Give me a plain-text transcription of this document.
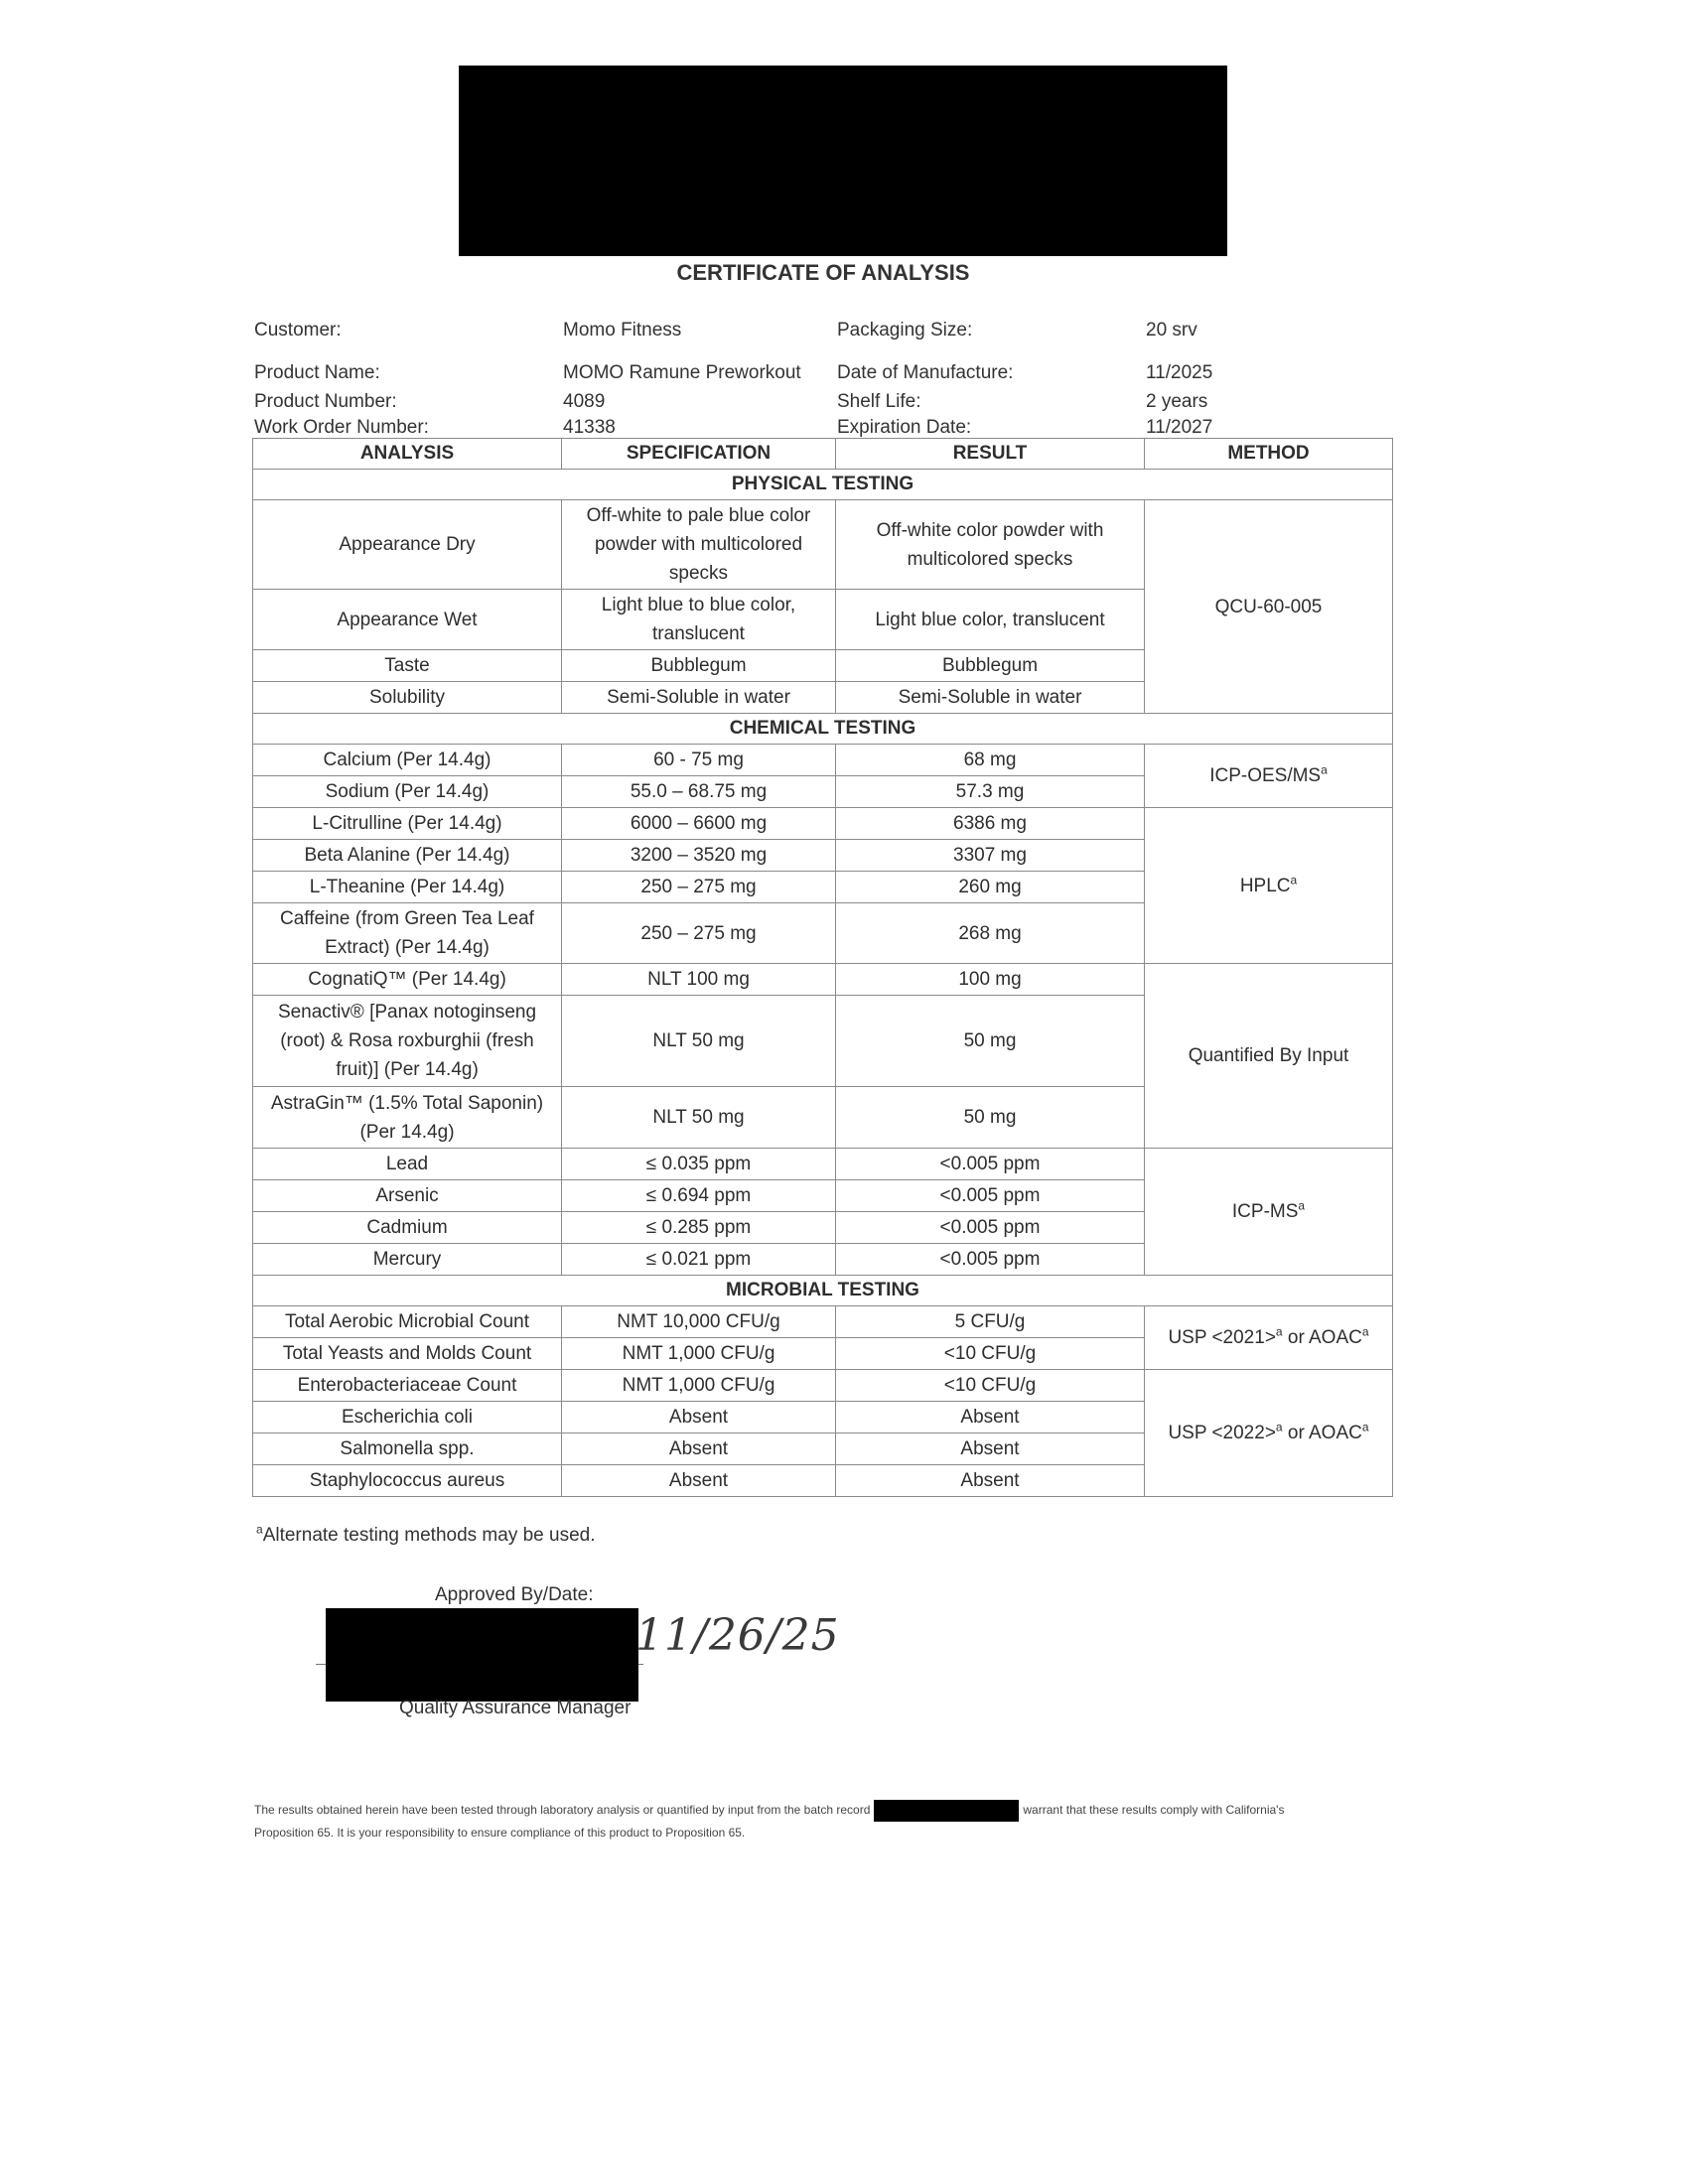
CERTIFICATE OF ANALYSIS
Customer:	Momo Fitness	Packaging Size:	20 srv
Product Name:	MOMO Ramune Preworkout	Date of Manufacture:	11/2025
Product Number:	4089	Shelf Life:	2 years
Work Order Number:	41338	Expiration Date:	11/2027
ANALYSIS	SPECIFICATION	RESULT	METHOD
PHYSICAL TESTING			
Appearance Dry	Off-white to pale blue color powder with multicolored specks	Off-white color powder with multicolored specks	QCU-60-005
Appearance Wet	Light blue to blue color, translucent	Light blue color, translucent	
Taste	Bubblegum	Bubblegum	
Solubility	Semi-Soluble in water	Semi-Soluble in water	
CHEMICAL TESTING			
Calcium (Per 14.4g)	60 - 75 mg	68 mg	ICP-$OES/MS^a$
Sodium (Per 14.4g)	55.0 – 68.75 mg	57.3 mg	
L-Citrulline (Per 14.4g)	6000 – 6600 mg	6386 mg	HPLC$^a$
Beta Alanine (Per 14.4g)	3200 – 3520 mg	3307 mg	
L-Theanine (Per 14.4g)	250 – 275 mg	260 mg	
Caffeine (from Green Tea Leaf Extract) (Per 14.4g)	250 – 275 mg	268 mg	
CognatiQ™ (Per 14.4g)	NLT 100 mg	100 mg	Quantified By Input
Senactiv® [Panax notoginseng (root) & Rosa roxburghii (fresh fruit)] (Per 14.4g)	NLT 50 mg	50 mg	
AstraGin™ (1.5% Total Saponin) (Per 14.4g)	NLT 50 mg	50 mg	
Lead	≤ 0.035 ppm	<0.005 ppm	ICP-$MS^a$
Arsenic	≤ 0.694 ppm	<0.005 ppm	
Cadmium	≤ 0.285 ppm	<0.005 ppm	
Mercury	≤ 0.021 ppm	<0.005 ppm	
MICROBIAL TESTING			
Total Aerobic Microbial Count	NMT 10,000 CFU/g	5 CFU/g	USP <2021>$^a$ or AOAC$^a$
Total Yeasts and Molds Count	NMT 1,000 CFU/g	<10 CFU/g	
Enterobacteriaceae Count	NMT 1,000 CFU/g	<10 CFU/g	USP <2022>$^a$ or AOAC$^a$
Escherichia coli	Absent	Absent	
Salmonella spp.	Absent	Absent	
Staphylococcus aureus	Absent	Absent	
$^a$Alternate testing methods may be used.
Approved By/Date:
11/26/25
Quality Assurance Manager
The results obtained herein have been tested through laboratory analysis or quantified by input from the batch record	warrant that these results comply with California's
Proposition 65. It is your responsibility to ensure compliance of this product to Proposition 65.
